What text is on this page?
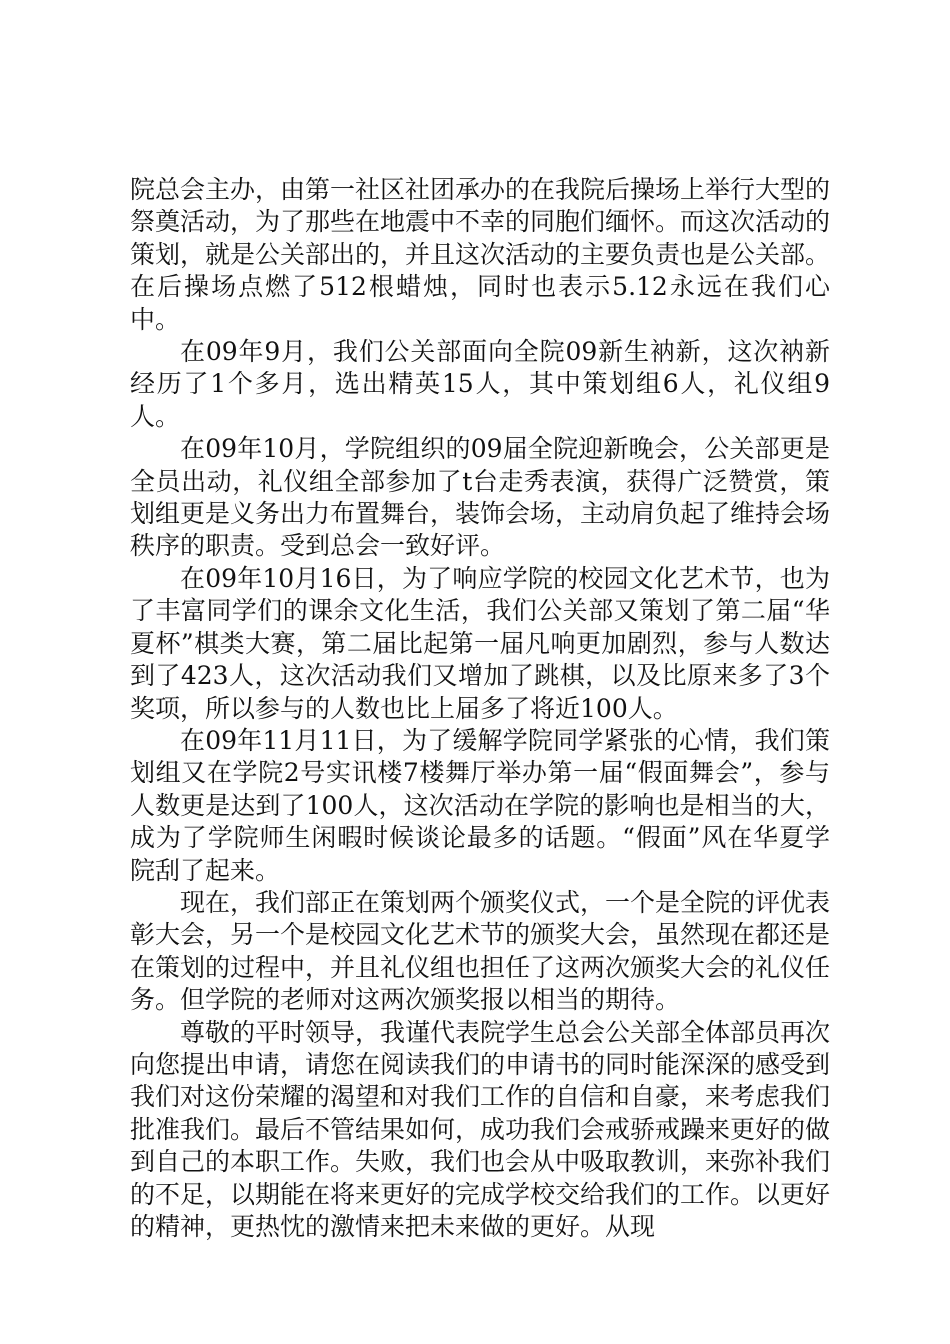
院总会主办，由第一社区社团承办的在我院后操场上举行大型的祭奠活动，为了那些在地震中不幸的同胞们缅怀。而这次活动的策划，就是公关部出的，并且这次活动的主要负责也是公关部。在后操场点燃了512根蜡烛，同时也表示5.12永远在我们心中。

在09年9月，我们公关部面向全院09新生衲新，这次衲新经历了1个多月，选出精英15人，其中策划组6人，礼仪组9人。

在09年10月，学院组织的09届全院迎新晚会，公关部更是全员出动，礼仪组全部参加了t台走秀表演，获得广泛赞赏，策划组更是义务出力布置舞台，装饰会场，主动肩负起了维持会场秩序的职责。受到总会一致好评。

在09年10月16日，为了响应学院的校园文化艺术节，也为了丰富同学们的课余文化生活，我们公关部又策划了第二届“华夏杯”棋类大赛，第二届比起第一届凡响更加剧烈，参与人数达到了423人，这次活动我们又增加了跳棋，以及比原来多了3个奖项，所以参与的人数也比上届多了将近100人。

在09年11月11日，为了缓解学院同学紧张的心情，我们策划组又在学院2号实讯楼7楼舞厅举办第一届“假面舞会”，参与人数更是达到了100人，这次活动在学院的影响也是相当的大，成为了学院师生闲暇时候谈论最多的话题。“假面”风在华夏学院刮了起来。

现在，我们部正在策划两个颁奖仪式，一个是全院的评优表彰大会，另一个是校园文化艺术节的颁奖大会，虽然现在都还是在策划的过程中，并且礼仪组也担任了这两次颁奖大会的礼仪任务。但学院的老师对这两次颁奖报以相当的期待。

尊敬的平时领导，我谨代表院学生总会公关部全体部员再次向您提出申请，请您在阅读我们的申请书的同时能深深的感受到我们对这份荣耀的渴望和对我们工作的自信和自豪，来考虑我们批准我们。最后不管结果如何，成功我们会戒骄戒躁来更好的做到自己的本职工作。失败，我们也会从中吸取教训，来弥补我们的不足，以期能在将来更好的完成学校交给我们的工作。以更好的精神，更热忱的激情来把未来做的更好。从现
